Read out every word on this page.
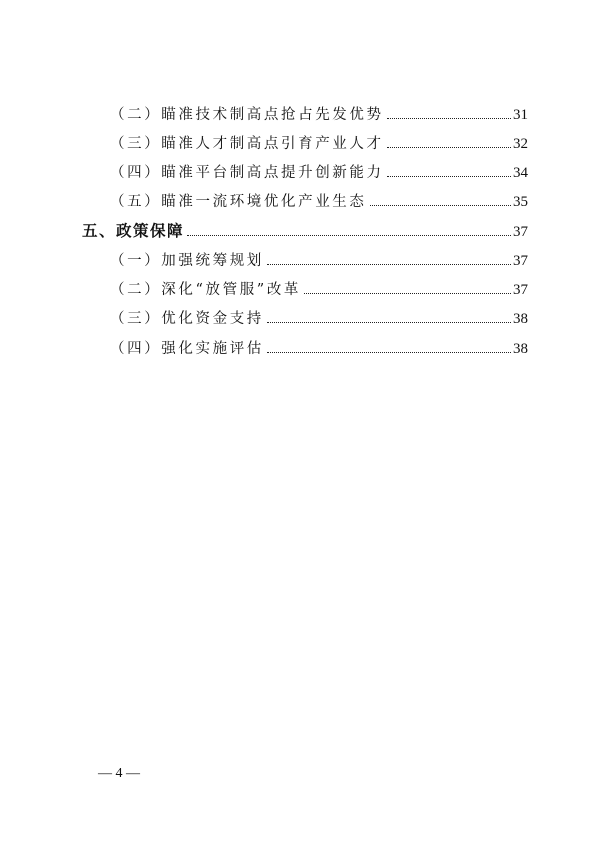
（二）瞄准技术制高点抢占先发优势	31
（三）瞄准人才制高点引育产业人才	32
（四）瞄准平台制高点提升创新能力	34
（五）瞄准一流环境优化产业生态	35
五、政策保障	37
（一）加强统筹规划	37
（二）深化“放管服”改革	37
（三）优化资金支持	38
（四）强化实施评估	38
— 4 —
